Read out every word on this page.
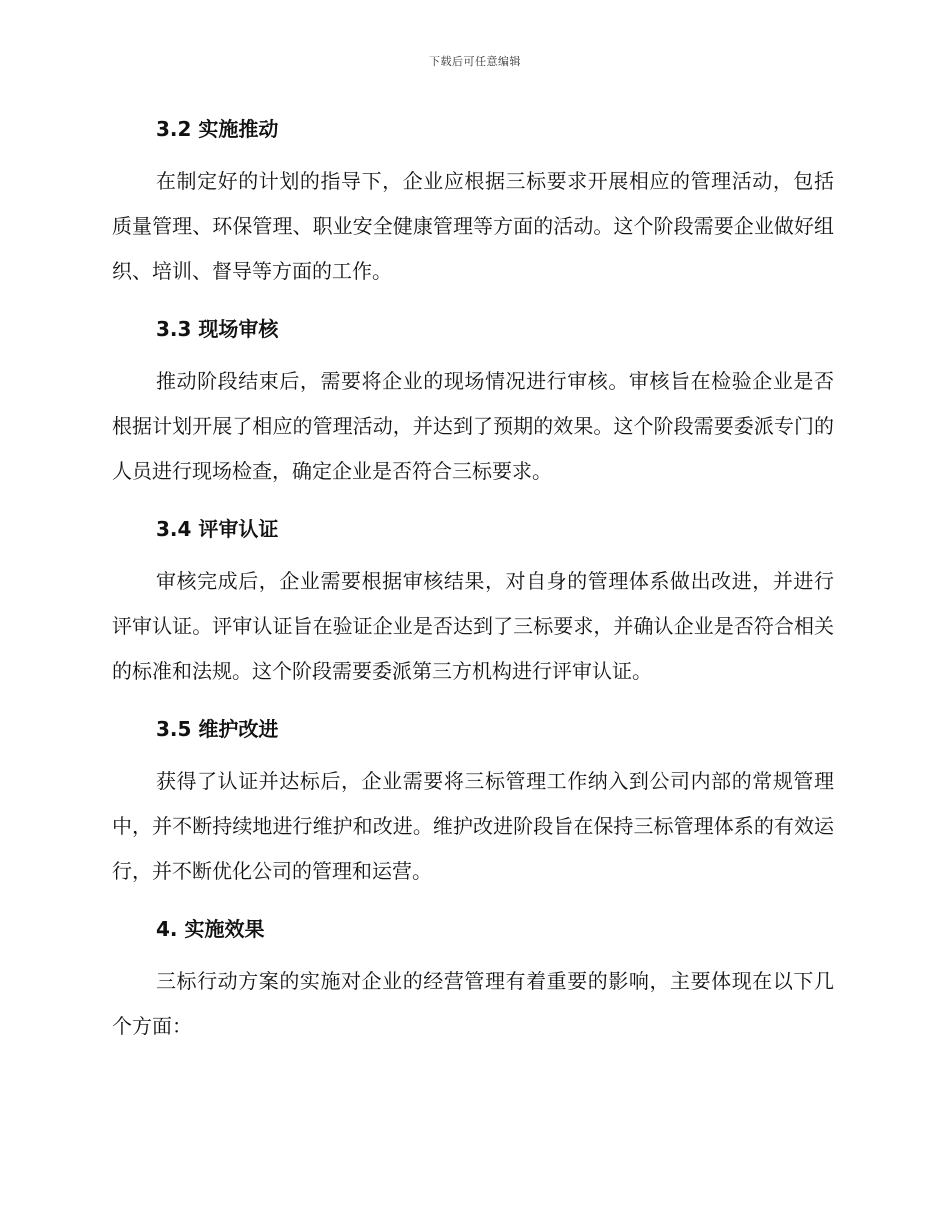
下载后可任意编辑
3.2 实施推动

在制定好的计划的指导下，企业应根据三标要求开展相应的管理活动，包括质量管理、环保管理、职业安全健康管理等方面的活动。这个阶段需要企业做好组织、培训、督导等方面的工作。

3.3 现场审核

推动阶段结束后，需要将企业的现场情况进行审核。审核旨在检验企业是否根据计划开展了相应的管理活动，并达到了预期的效果。这个阶段需要委派专门的人员进行现场检查，确定企业是否符合三标要求。

3.4 评审认证

审核完成后，企业需要根据审核结果，对自身的管理体系做出改进，并进行评审认证。评审认证旨在验证企业是否达到了三标要求，并确认企业是否符合相关的标准和法规。这个阶段需要委派第三方机构进行评审认证。

3.5 维护改进

获得了认证并达标后，企业需要将三标管理工作纳入到公司内部的常规管理中，并不断持续地进行维护和改进。维护改进阶段旨在保持三标管理体系的有效运行，并不断优化公司的管理和运营。

4. 实施效果

三标行动方案的实施对企业的经营管理有着重要的影响，主要体现在以下几个方面：
